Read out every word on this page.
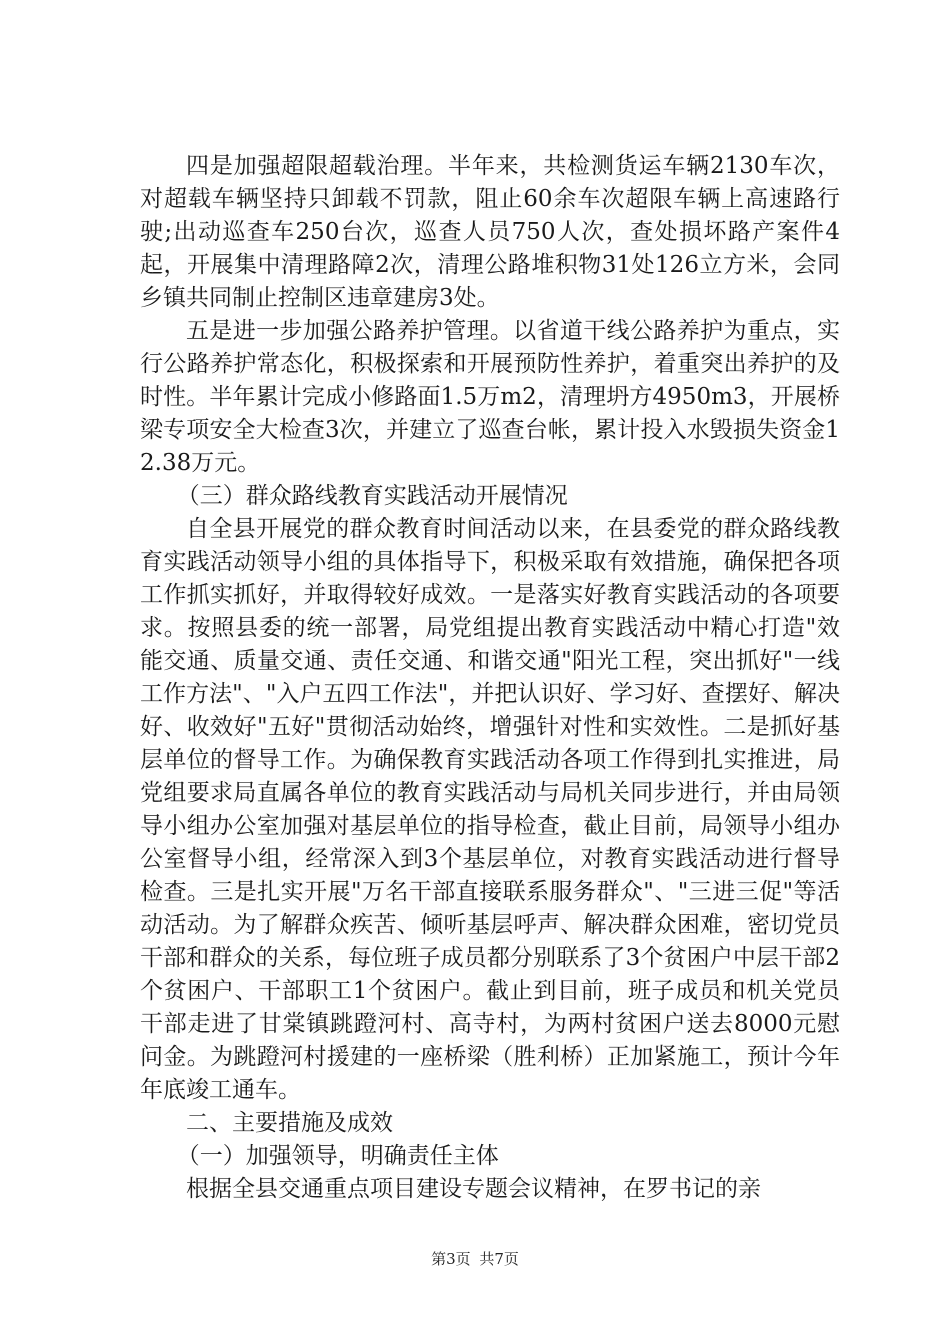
四是加强超限超载治理。半年来，共检测货运车辆2130车次，对超载车辆坚持只卸载不罚款，阻止60余车次超限车辆上高速路行驶;出动巡查车250台次，巡查人员750人次，查处损坏路产案件4起，开展集中清理路障2次，清理公路堆积物31处126立方米，会同乡镇共同制止控制区违章建房3处。

五是进一步加强公路养护管理。以省道干线公路养护为重点，实行公路养护常态化，积极探索和开展预防性养护，着重突出养护的及时性。半年累计完成小修路面1.5万m2，清理坍方4950m3，开展桥梁专项安全大检查3次，并建立了巡查台帐，累计投入水毁损失资金12.38万元。

（三）群众路线教育实践活动开展情况

自全县开展党的群众教育时间活动以来，在县委党的群众路线教育实践活动领导小组的具体指导下，积极采取有效措施，确保把各项工作抓实抓好，并取得较好成效。一是落实好教育实践活动的各项要求。按照县委的统一部署，局党组提出教育实践活动中精心打造"效能交通、质量交通、责任交通、和谐交通"阳光工程，突出抓好"一线工作方法"、"入户五四工作法"，并把认识好、学习好、查摆好、解决好、收效好"五好"贯彻活动始终，增强针对性和实效性。二是抓好基层单位的督导工作。为确保教育实践活动各项工作得到扎实推进，局党组要求局直属各单位的教育实践活动与局机关同步进行，并由局领导小组办公室加强对基层单位的指导检查，截止目前，局领导小组办公室督导小组，经常深入到3个基层单位，对教育实践活动进行督导检查。三是扎实开展"万名干部直接联系服务群众"、"三进三促"等活动活动。为了解群众疾苦、倾听基层呼声、解决群众困难，密切党员干部和群众的关系，每位班子成员都分别联系了3个贫困户中层干部2个贫困户、干部职工1个贫困户。截止到目前，班子成员和机关党员干部走进了甘棠镇跳蹬河村、高寺村，为两村贫困户送去8000元慰问金。为跳蹬河村援建的一座桥梁（胜利桥）正加紧施工，预计今年年底竣工通车。

二、主要措施及成效

（一）加强领导，明确责任主体

根据全县交通重点项目建设专题会议精神，在罗书记的亲

第3页 共7页
